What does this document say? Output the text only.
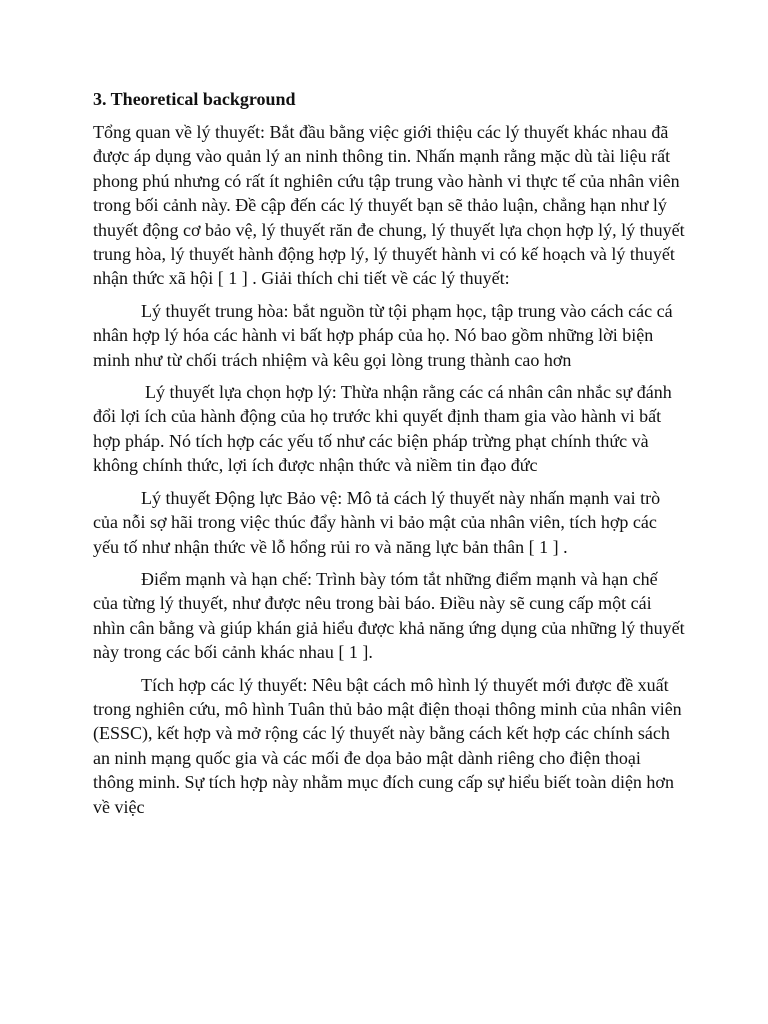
3. Theoretical background

Tổng quan về lý thuyết: Bắt đầu bằng việc giới thiệu các lý thuyết khác nhau đã được áp dụng vào quản lý an ninh thông tin. Nhấn mạnh rằng mặc dù tài liệu rất phong phú nhưng có rất ít nghiên cứu tập trung vào hành vi thực tế của nhân viên trong bối cảnh này. Đề cập đến các lý thuyết bạn sẽ thảo luận, chẳng hạn như lý thuyết động cơ bảo vệ, lý thuyết răn đe chung, lý thuyết lựa chọn hợp lý, lý thuyết trung hòa, lý thuyết hành động hợp lý, lý thuyết hành vi có kế hoạch và lý thuyết nhận thức xã hội [ 1 ] . Giải thích chi tiết về các lý thuyết:

Lý thuyết trung hòa: bắt nguồn từ tội phạm học, tập trung vào cách các cá nhân hợp lý hóa các hành vi bất hợp pháp của họ. Nó bao gồm những lời biện minh như từ chối trách nhiệm và kêu gọi lòng trung thành cao hơn

Lý thuyết lựa chọn hợp lý: Thừa nhận rằng các cá nhân cân nhắc sự đánh đổi lợi ích của hành động của họ trước khi quyết định tham gia vào hành vi bất hợp pháp. Nó tích hợp các yếu tố như các biện pháp trừng phạt chính thức và không chính thức, lợi ích được nhận thức và niềm tin đạo đức

Lý thuyết Động lực Bảo vệ: Mô tả cách lý thuyết này nhấn mạnh vai trò của nỗi sợ hãi trong việc thúc đẩy hành vi bảo mật của nhân viên, tích hợp các yếu tố như nhận thức về lỗ hổng rủi ro và năng lực bản thân [ 1 ] .

Điểm mạnh và hạn chế: Trình bày tóm tắt những điểm mạnh và hạn chế của từng lý thuyết, như được nêu trong bài báo. Điều này sẽ cung cấp một cái nhìn cân bằng và giúp khán giả hiểu được khả năng ứng dụng của những lý thuyết này trong các bối cảnh khác nhau [ 1 ].

Tích hợp các lý thuyết: Nêu bật cách mô hình lý thuyết mới được đề xuất trong nghiên cứu, mô hình Tuân thủ bảo mật điện thoại thông minh của nhân viên (ESSC), kết hợp và mở rộng các lý thuyết này bằng cách kết hợp các chính sách an ninh mạng quốc gia và các mối đe dọa bảo mật dành riêng cho điện thoại thông minh. Sự tích hợp này nhằm mục đích cung cấp sự hiểu biết toàn diện hơn về việc
